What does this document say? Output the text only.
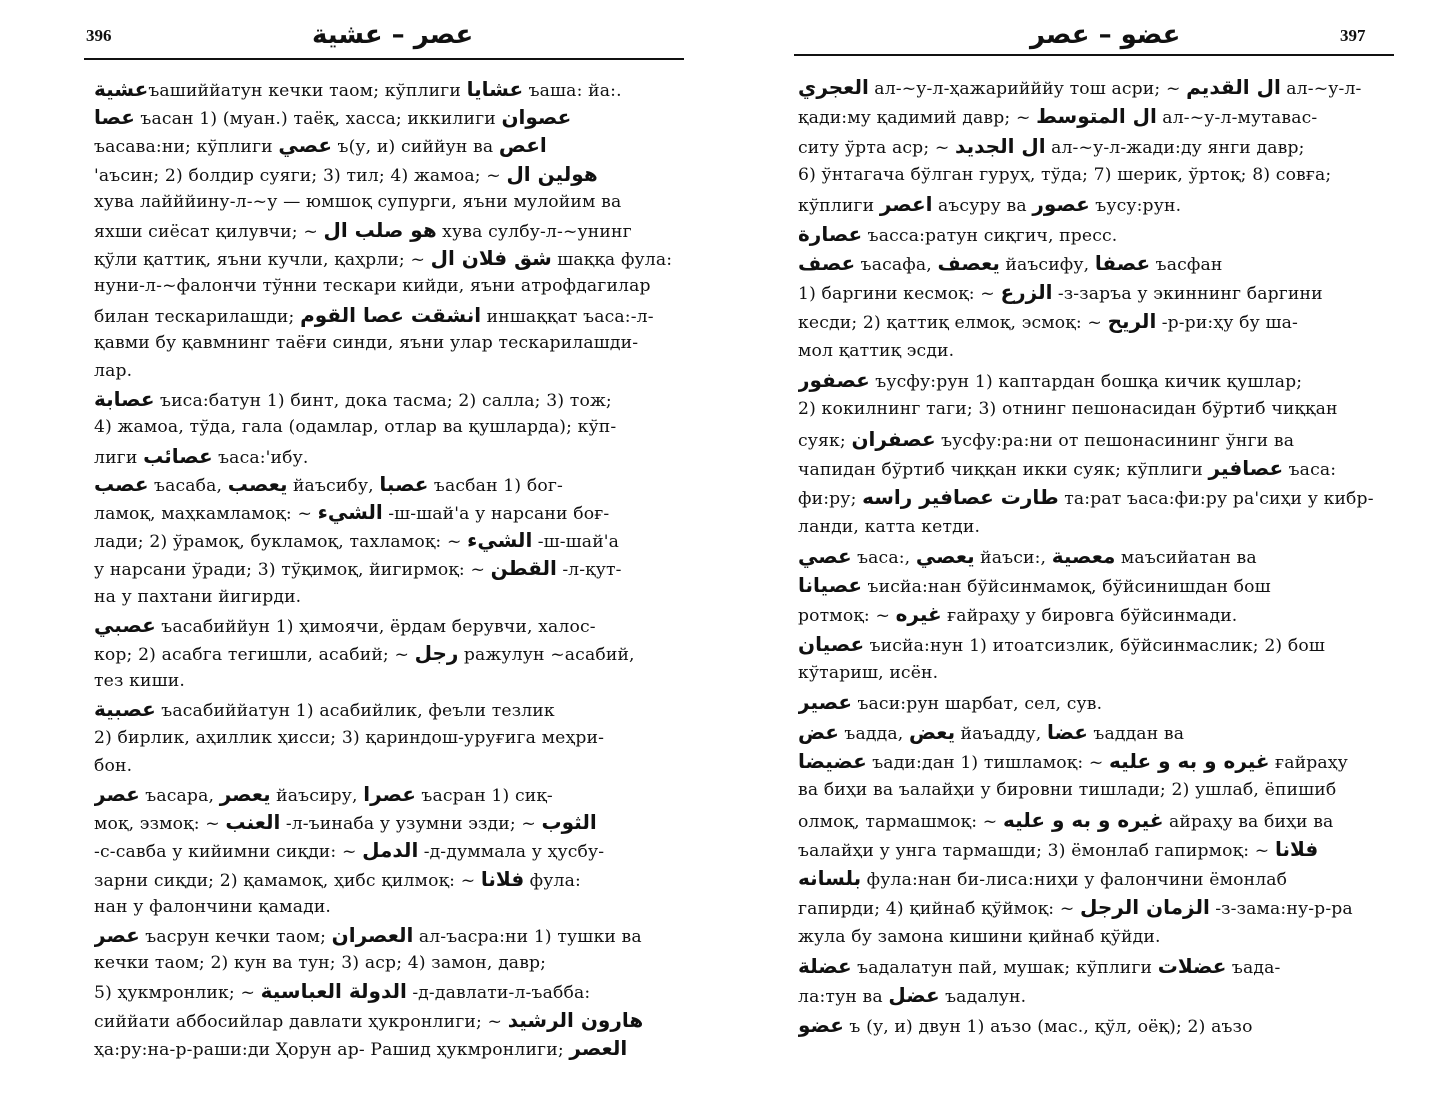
396	عصر – عشية
عشيةъашиййатун кечки таом; кўплиги عشايا ъаша: йа:.
عصا ъасан 1) (муан.) таёқ, хасса; иккилиги عصوان
ъасава:ни; кўплиги عصي ъ(у, и) сиййун ва اعص
'аъсин; 2) болдир суяги; 3) тил; 4) жамоа; ~ هولين ال
хува лайййину-л-~у — юмшоқ супурги, яъни мулойим ва
яхши сиёсат қилувчи; ~ هو صلب ال хува сулбу-л-~унинг
қўли қаттиқ, яъни кучли, қаҳрли; ~ شق فلان ال шаққа фула:
нуни-л-~фалончи тўнни тескари кийди, яъни атрофдагилар
билан тескарилашди; انشقت عصا القوم иншаққат ъаса:-л-
қавми бу қавмнинг таёғи синди, яъни улар тескарилашди-
лар.
عصابة ъиса:батун 1) бинт, дока тасма; 2) салла; 3) тож;
4) жамоа, тўда, гала (одамлар, отлар ва қушларда); кўп-
лиги عصائب ъаса:'ибу.
عصب ъасаба, يعصب йаъсибу, عصبا ъасбан 1) бог-
ламоқ, маҳкамламоқ: ~ الشيء -ш-шай'а у нарсани боғ-
лади; 2) ўрамоқ, букламоқ, тахламоқ: ~ الشيء -ш-шай'а
у нарсани ўради; 3) тўқимоқ, йигирмоқ: ~ القطن -л-қут-
на у пахтани йигирди.
عصبي ъасабиййун 1) ҳимоячи, ёрдам берувчи, халос-
кор; 2) асабга тегишли, асабий; ~ رجل ражулун ~асабий,
тез киши.
عصبية ъасабиййатун 1) асабийлик, феъли тезлик
2) бирлик, аҳиллик ҳисси; 3) қариндош-уруғига меҳри-
бон.
عصر ъасара, يعصر йаъсиру, عصرا ъасран 1) сиқ-
моқ, эзмоқ: ~ العنب -л-ъинаба у узумни эзди; ~ الثوب
-с-савба у кийимни сиқди: ~ الدمل -д-думмала у ҳусбу-
зарни сиқди; 2) қамамоқ, ҳибс қилмоқ: ~ فلانا фула:
нан у фалончини қамади.
عصر ъасрун кечки таом; العصران ал-ъасра:ни 1) тушки ва
кечки таом; 2) кун ва тун; 3) аср; 4) замон, давр;
5) ҳукмронлик; ~ الدولة العباسية -д-давлати-л-ъабба:
сиййати аббосийлар давлати ҳукронлиги; ~ هارون الرشيد
ҳа:ру:на-р-раши:ди Ҳорун ар- Рашид ҳукмронлиги; العصر
397
عضو – عصر
العجري ал-~у-л-ҳажарийййу тош асри; ~ ال القديم ал-~у-л-
қади:му қадимий давр; ~ ال المتوسط ал-~у-л-мутавас-
ситу ўрта аср; ~ ال الجديد ал-~у-л-жади:ду янги давр;
6) ўнтагача бўлган гуруҳ, тўда; 7) шерик, ўртоқ; 8) совға;
кўплиги اعصر аъсуру ва عصور ъусу:рун.
عصارة ъасса:ратун сиқгич, пресс.
عصف ъасафа, يعصف йаъсифу, عصفا ъасфан
1) баргини кесмоқ: ~ الزرع -з-заръа у экиннинг баргини
кесди; 2) қаттиқ елмоқ, эсмоқ: ~ الريح -р-ри:ҳу бу ша-
мол қаттиқ эсди.
عصفور ъусфу:рун 1) каптардан бошқа кичик қушлар;
2) кокилнинг таги; 3) отнинг пешонасидан бўртиб чиққан
суяк; عصفران ъусфу:ра:ни от пешонасининг ўнги ва
чапидан бўртиб чиққан икки суяк; кўплиги عصافير ъаса:
фи:ру; طارت عصافير راسه та:рат ъаса:фи:ру ра'сиҳи у кибр-
ланди, катта кетди.
عصي ъаса:, يعصي йаъси:, معصية маъсийатан ва
عصيانا ъисйа:нан бўйсинмамоқ, бўйсинишдан бош
ротмоқ: ~ غيره ғайраҳу у бировга бўйсинмади.
عصيان ъисйа:нун 1) итоатсизлик, бўйсинмаслик; 2) бош
кўтариш, исён.
عصير ъаси:рун шарбат, сел, сув.
عض ъадда, يعض йаъадду, عضا ъаддан ва
عضيضا ъади:дан 1) тишламоқ: ~ غيره و به و عليه ғайраҳу
ва биҳи ва ъалайҳи у бировни тишлади; 2) ушлаб, ёпишиб
олмоқ, тармашмоқ: ~ غيره و به و عليه айраҳу ва биҳи ва
ъалайҳи у унга тармашди; 3) ёмонлаб гапирмоқ: ~ فلانا
بلسانه фула:нан би-лиса:ниҳи у фалончини ёмонлаб
гапирди; 4) қийнаб қўймоқ: ~ الزمان الرجل -з-зама:ну-р-ра
жула бу замона кишини қийнаб қўйди.
عضلة ъадалатун пай, мушак; кўплиги عضلات ъада-
ла:тун ва عضل ъадалун.
عضو ъ (у, и) двун 1) аъзо (мас., қўл, оёқ); 2) аъзо
